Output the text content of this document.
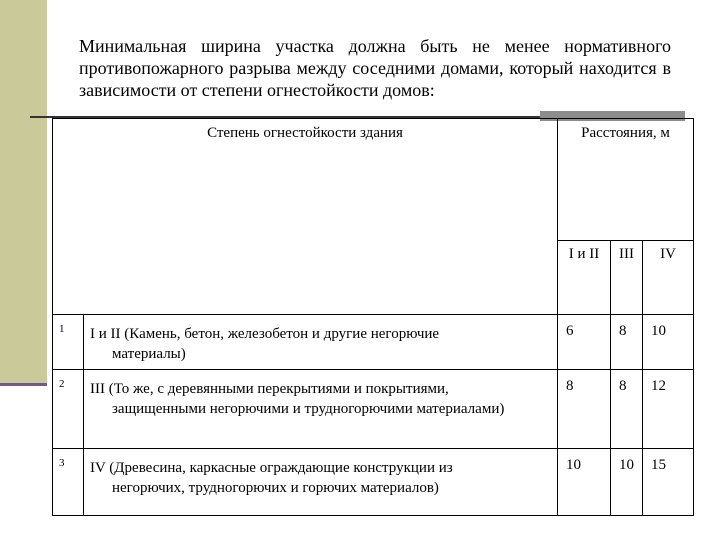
Минимальная ширина участка должна быть не менее нормативного противопожарного разрыва между соседними домами, который находится в зависимости от степени огнестойкости домов:
Степень огнестойкости здания		Расстояния, м		
		I и II	III	IV
1	I и II (Камень, бетон, железобетон и другие негорючие
материалы)	6	8	10
2	III (То же, с деревянными перекрытиями и покрытиями,
защищенными негорючими и трудногорючими материалами)	8	8	12
3	IV (Древесина, каркасные ограждающие конструкции из
негорючих, трудногорючих и горючих материалов)	10	10	15
